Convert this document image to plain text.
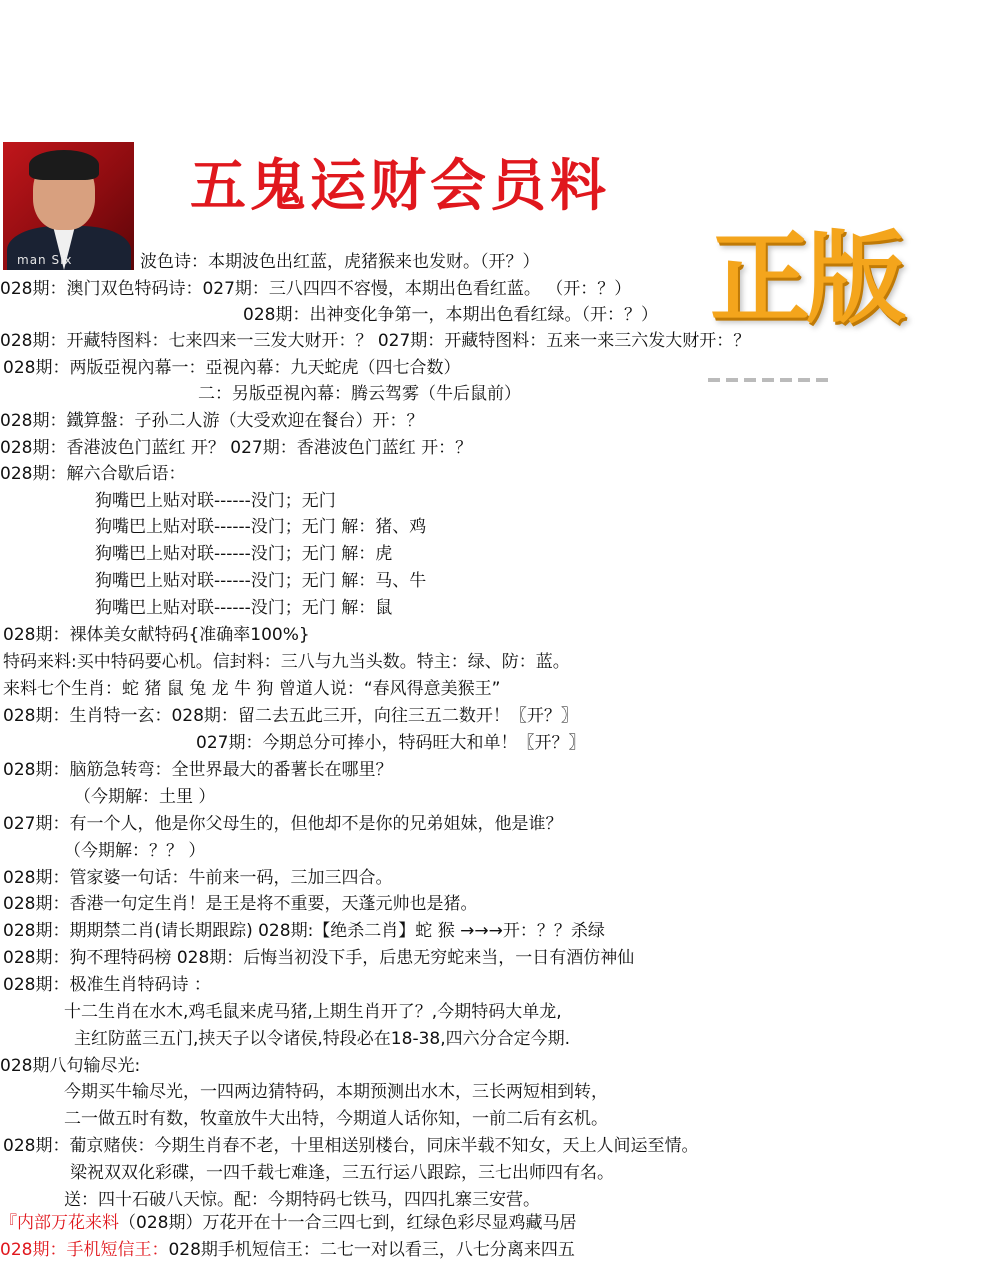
man Six
五鬼运财会员料
正版
波色诗：本期波色出红蓝，虎猪猴来也发财。（开？）
028期：澳门双色特码诗：027期：三八四四不容慢，本期出色看红蓝。 （开：？）
028期：出神变化争第一，本期出色看红绿。（开：？）
028期：开藏特图料：七来四来一三发大财开：？ 027期：开藏特图料：五来一来三六发大财开：？
028期：两版亞視內幕一：亞視內幕：九天蛇虎（四七合数）
二：另版亞視內幕：腾云驾雾（牛后鼠前）
028期：鐵算盤：子孙二人游（大受欢迎在餐台）开：？
028期：香港波色门蓝红 开？ 027期：香港波色门蓝红 开：？
028期：解六合歇后语：
狗嘴巴上贴对联------没门；无门
狗嘴巴上贴对联------没门；无门 解：猪、鸡
狗嘴巴上贴对联------没门；无门 解：虎
狗嘴巴上贴对联------没门；无门 解：马、牛
狗嘴巴上贴对联------没门；无门 解：鼠
028期：裸体美女献特码{准确率100%}
特码来料:买中特码要心机。信封料：三八与九当头数。特主：绿、防：蓝。
来料七个生肖：蛇 猪 鼠 兔 龙 牛 狗 曾道人说：“春风得意美猴王”
028期：生肖特一玄：028期：留二去五此三开，向往三五二数开！〖开？〗
027期：今期总分可捧小，特码旺大和单！〖开？〗
028期：脑筋急转弯：全世界最大的番薯长在哪里？
（今期解：土里 ）
027期：有一个人，他是你父母生的，但他却不是你的兄弟姐妹，他是谁？
（今期解：？？ ）
028期：管家婆一句话：牛前来一码，三加三四合。
028期：香港一句定生肖！是王是将不重要，天蓬元帅也是猪。
028期：期期禁二肖(请长期跟踪) 028期:【绝杀二肖】蛇 猴 →→→开：？？杀绿
028期：狗不理特码榜 028期：后悔当初没下手，后患无穷蛇来当，一日有酒仿神仙
028期：极准生肖特码诗 ：
十二生肖在水木,鸡毛鼠来虎马猪,上期生肖开了？,今期特码大单龙,
主红防蓝三五门,挟天子以令诸侯,特段必在18-38,四六分合定今期.
028期八句输尽光:
今期买牛输尽光，一四两边猜特码，本期预测出水木，三长两短相到转，
二一做五时有数，牧童放牛大出特，今期道人话你知，一前二后有玄机。
028期：葡京赌侠：今期生肖春不老，十里相送别楼台，同床半载不知女，天上人间运至情。
梁祝双双化彩碟，一四千载七难逢，三五行运八跟踪，三七出师四有名。
送：四十石破八天惊。配：今期特码七铁马，四四扎寨三安营。
『内部万花来料（028期）万花开在十一合三四七到，红绿色彩尽显鸡藏马居
028期：手机短信王：028期手机短信王：二七一对以看三，八七分离来四五
